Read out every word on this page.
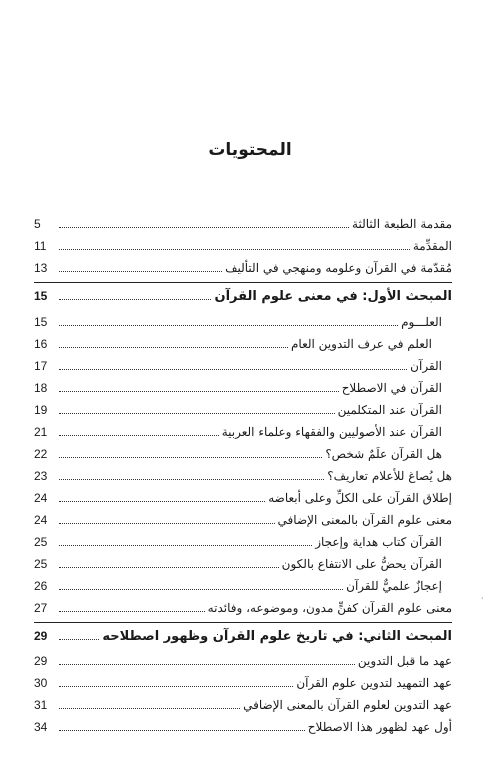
المحتويات
مقدمة الطبعة الثالثة
5
المقدِّمة
11
مُقدّمة في القرآن وعلومه ومنهجي في التأليف
13
المبحث الأول: في معنى علوم القرآن
15
العلـــوم
15
العلم في عرف التدوين العام
16
القرآن
17
القرآن في الاصطلاح
18
القرآن عند المتكلمين
19
القرآن عند الأصوليين والفقهاء وعلماء العربية
21
هل القرآن علَمٌ شخص؟
22
هل يُصاغ للأعلام تعاريف؟
23
إطلاق القرآن على الكلِّ وعلى أبعاضه
24
معنى علوم القرآن بالمعنى الإضافي
24
القرآن كتاب هداية وإعجاز
25
القرآن يحضُّ على الانتفاع بالكون
25
إعجازٌ علميٌّ للقرآن
26
معنى علوم القرآن كفنٍّ مدون، وموضوعه، وفائدته
27
المبحث الثاني: في تاريخ علوم القرآن وظهور اصطلاحه
29
عهد ما قبل التدوين
29
عهد التمهيد لتدوين علوم القرآن
30
عهد التدوين لعلوم القرآن بالمعنى الإضافي
31
أول عهد لظهور هذا الاصطلاح
34
·
